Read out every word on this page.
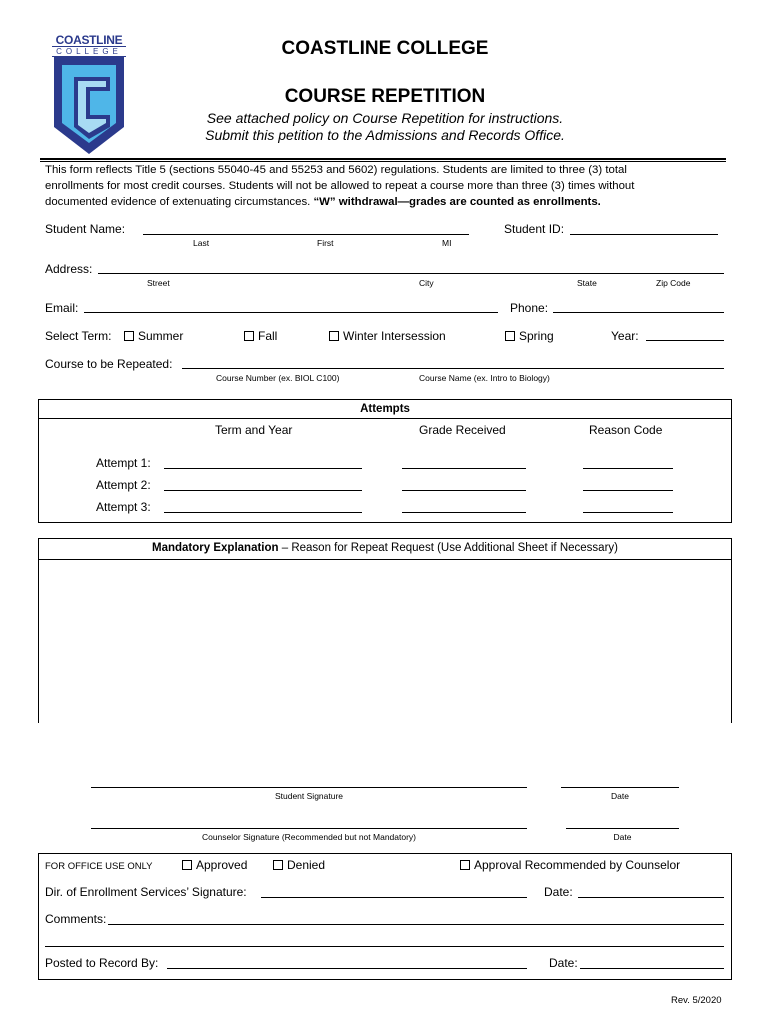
COASTLINE
COLLEGE	COASTLINE COLLEGE
COURSE REPETITION
See attached policy on Course Repetition for instructions.
Submit this petition to the Admissions and Records Office.
This form reflects Title 5 (sections 55040-45 and 55253 and 5602) regulations. Students are limited to three (3) total
enrollments for most credit courses. Students will not be allowed to repeat a course more than three (3) times without
documented evidence of extenuating circumstances. “W” withdrawal—grades are counted as enrollments.
Student Name:
Last	First	MI
Student ID:
Address:
Street	City	State	Zip Code
Email:	Phone:
Select Term:	Summer	Fall	Winter Intersession	Spring	Year:
Course to be Repeated:
Course Number (ex. BIOL C100)	Course Name (ex. Intro to Biology)
Attempts
Term and Year	Grade Received	Reason Code
Attempt 1:
Attempt 2:
Attempt 3:
Mandatory Explanation – Reason for Repeat Request (Use Additional Sheet if Necessary)
Student Signature	Date
Counselor Signature (Recommended but not Mandatory)	Date
FOR OFFICE USE ONLY	Approved	Denied	Approval Recommended by Counselor
Dir. of Enrollment Services’ Signature:	Date:
Comments:
Posted to Record By:	Date:
Rev. 5/2020
